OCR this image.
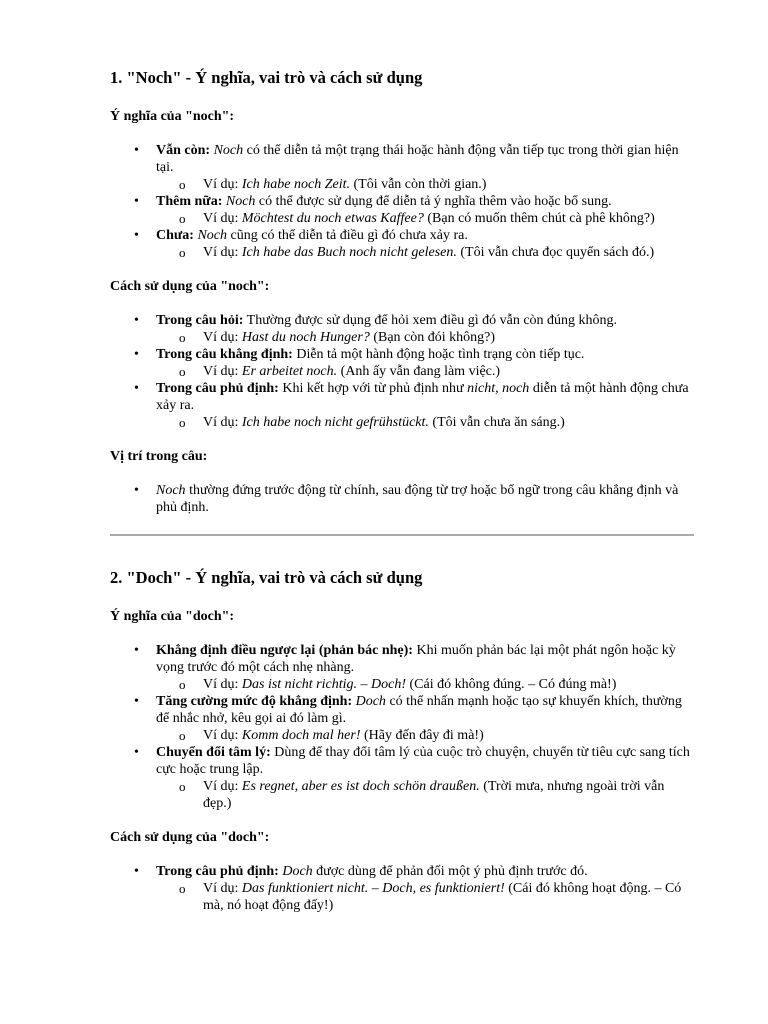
1. "Noch" - Ý nghĩa, vai trò và cách sử dụng

Ý nghĩa của "noch":

• Vẫn còn: Noch có thể diễn tả một trạng thái hoặc hành động vẫn tiếp tục trong thời gian hiện tại.
o Ví dụ: Ich habe noch Zeit. (Tôi vẫn còn thời gian.)
• Thêm nữa: Noch có thể được sử dụng để diễn tả ý nghĩa thêm vào hoặc bổ sung.
o Ví dụ: Möchtest du noch etwas Kaffee? (Bạn có muốn thêm chút cà phê không?)
• Chưa: Noch cũng có thể diễn tả điều gì đó chưa xảy ra.
o Ví dụ: Ich habe das Buch noch nicht gelesen. (Tôi vẫn chưa đọc quyển sách đó.)

Cách sử dụng của "noch":

• Trong câu hỏi: Thường được sử dụng để hỏi xem điều gì đó vẫn còn đúng không.
o Ví dụ: Hast du noch Hunger? (Bạn còn đói không?)
• Trong câu khẳng định: Diễn tả một hành động hoặc tình trạng còn tiếp tục.
o Ví dụ: Er arbeitet noch. (Anh ấy vẫn đang làm việc.)
• Trong câu phủ định: Khi kết hợp với từ phủ định như nicht, noch diễn tả một hành động chưa xảy ra.
o Ví dụ: Ich habe noch nicht gefrühstückt. (Tôi vẫn chưa ăn sáng.)

Vị trí trong câu:

• Noch thường đứng trước động từ chính, sau động từ trợ hoặc bổ ngữ trong câu khẳng định và phủ định.
2. "Doch" - Ý nghĩa, vai trò và cách sử dụng

Ý nghĩa của "doch":

• Khẳng định điều ngược lại (phản bác nhẹ): Khi muốn phản bác lại một phát ngôn hoặc kỳ vọng trước đó một cách nhẹ nhàng.
o Ví dụ: Das ist nicht richtig. – Doch! (Cái đó không đúng. – Có đúng mà!)
• Tăng cường mức độ khẳng định: Doch có thể nhấn mạnh hoặc tạo sự khuyến khích, thường để nhắc nhở, kêu gọi ai đó làm gì.
o Ví dụ: Komm doch mal her! (Hãy đến đây đi mà!)
• Chuyển đổi tâm lý: Dùng để thay đổi tâm lý của cuộc trò chuyện, chuyển từ tiêu cực sang tích cực hoặc trung lập.
o Ví dụ: Es regnet, aber es ist doch schön draußen. (Trời mưa, nhưng ngoài trời vẫn đẹp.)

Cách sử dụng của "doch":

• Trong câu phủ định: Doch được dùng để phản đối một ý phủ định trước đó.
o Ví dụ: Das funktioniert nicht. – Doch, es funktioniert! (Cái đó không hoạt động. – Có mà, nó hoạt động đấy!)
